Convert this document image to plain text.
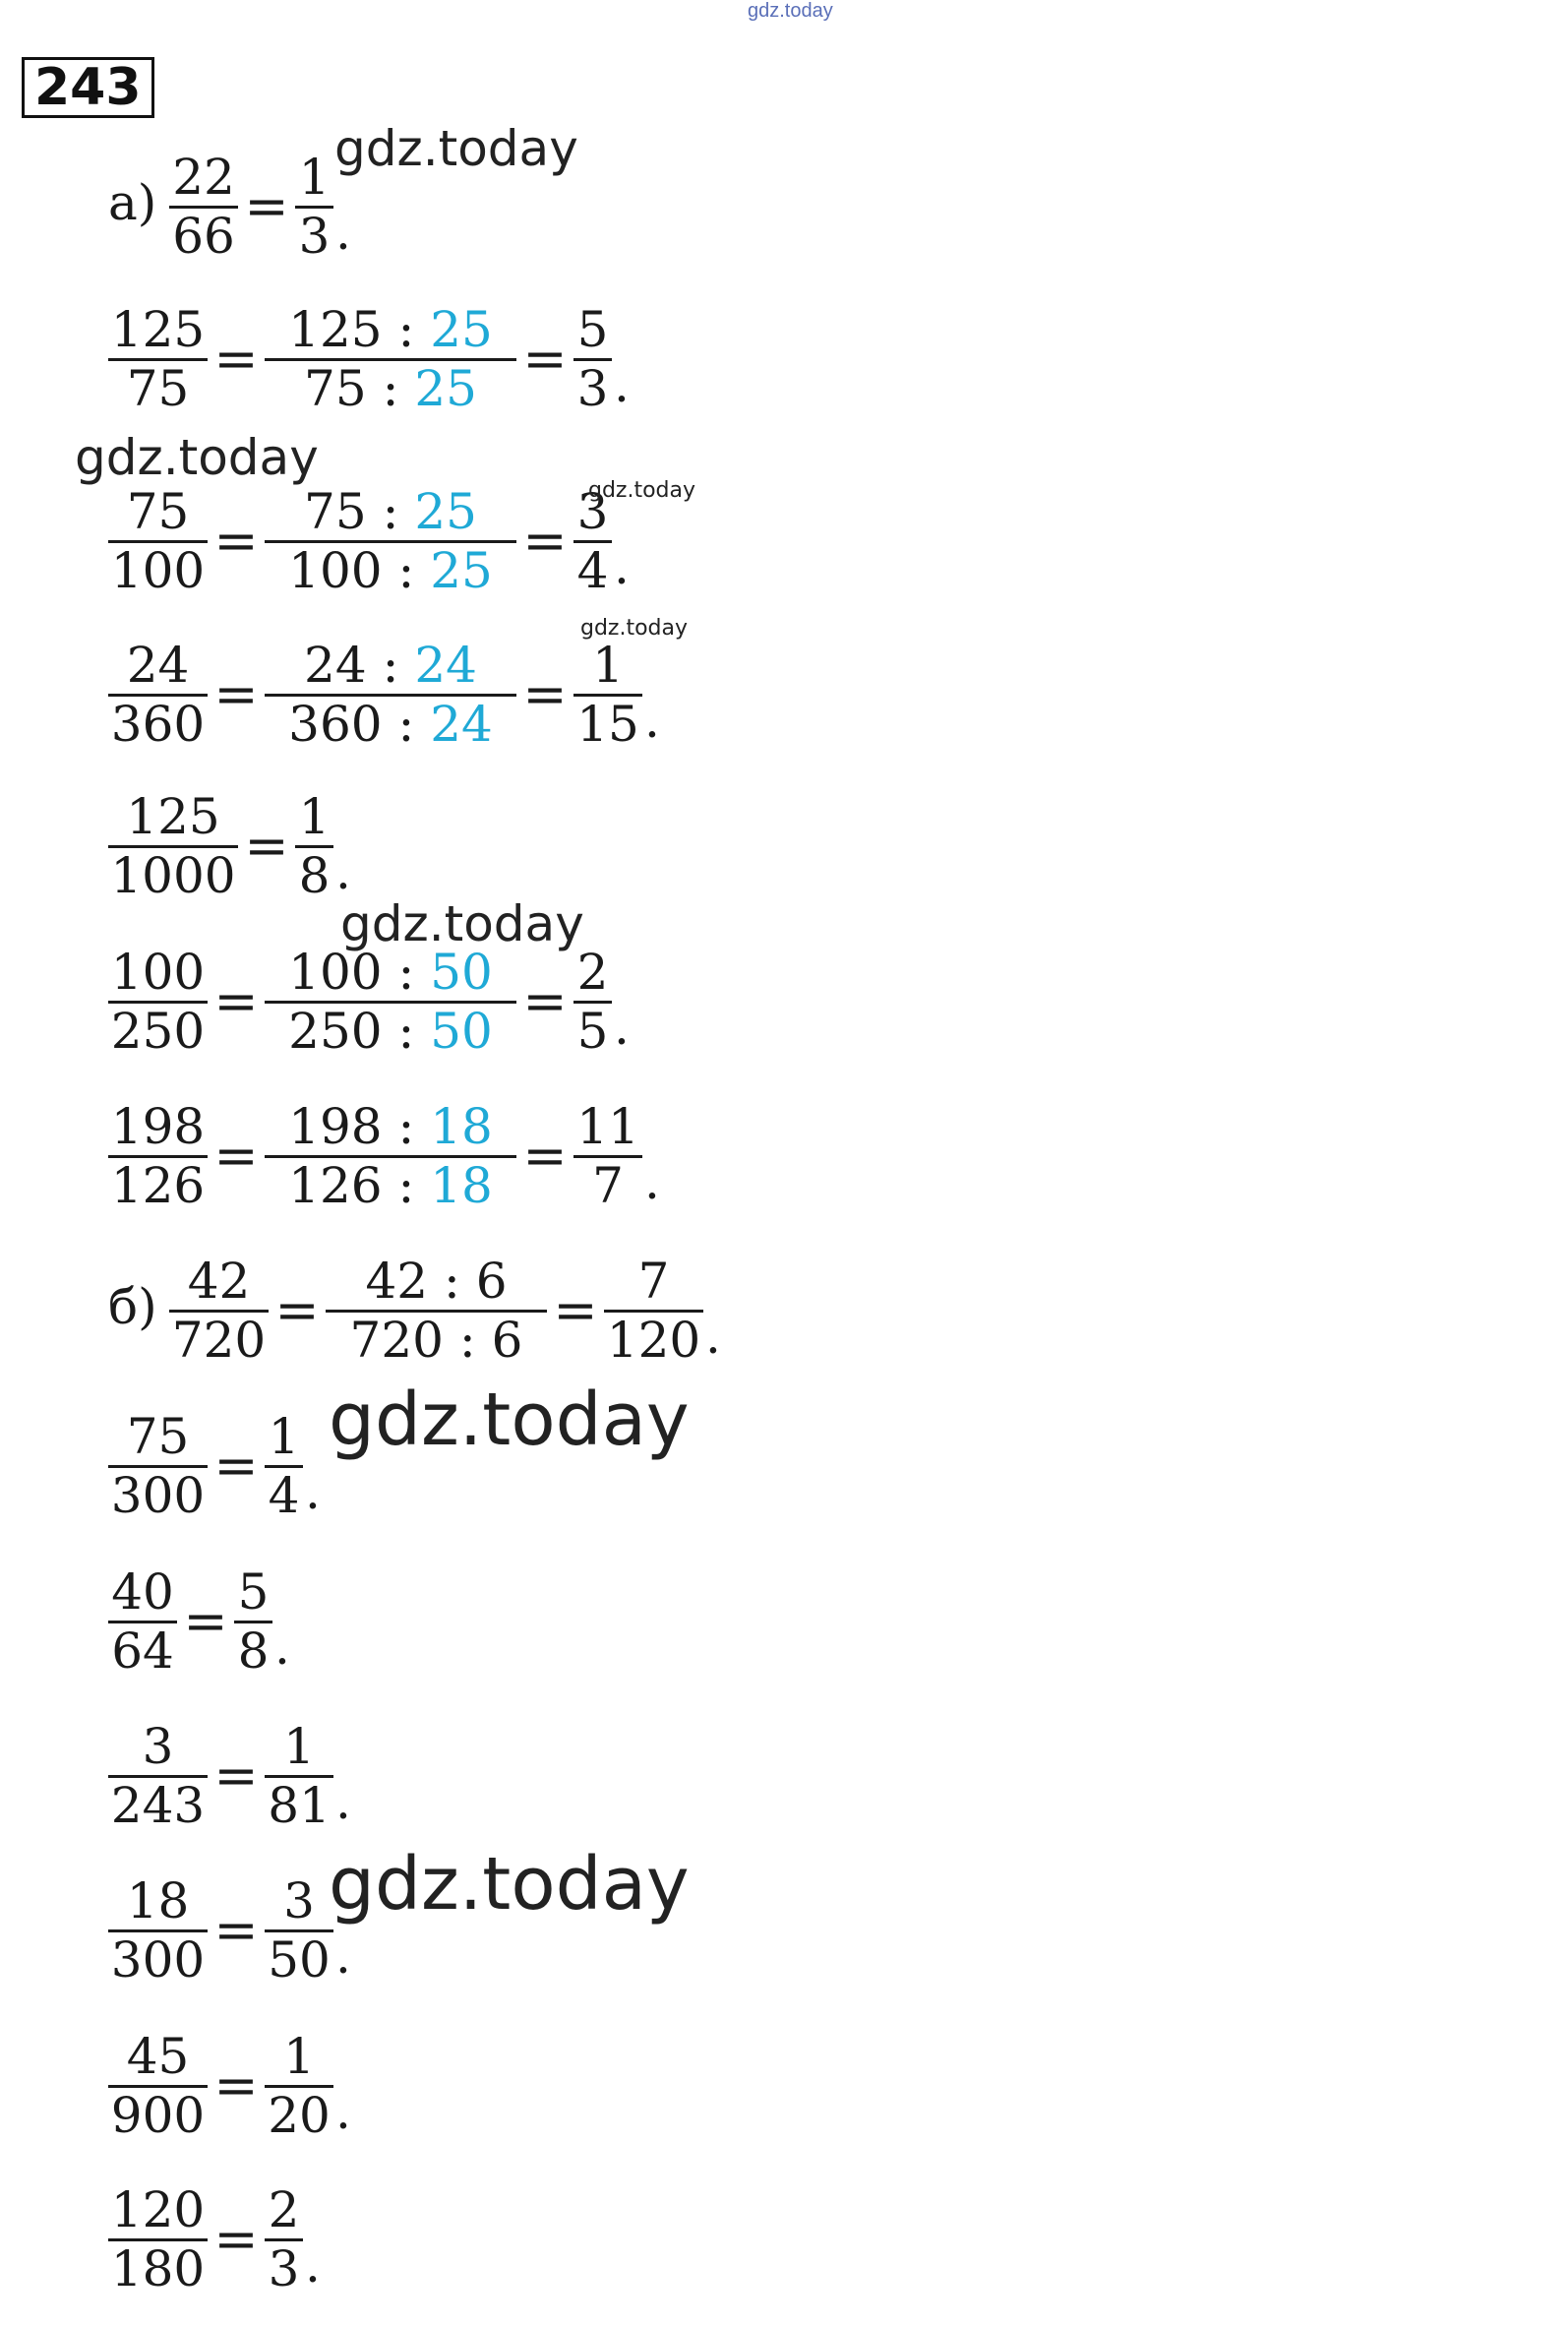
gdz.today
243
а) 22
66 = 1
3 .
125
75 = 125 : 25
75 : 25 = 5
3 .
75
100 = 75 : 25
100 : 25 = 3
4 .
24
360 = 24 : 24
360 : 24 = 1
15 .
125
1000 = 1
8 .
100
250 = 100 : 50
250 : 50 = 2
5 .
198
126 = 198 : 18
126 : 18 = 11
7 .
б) 42
720 = 42 : 6
720 : 6 = 7
120 .
75
300 = 1
4 .
40
64 = 5
8 .
3
243 = 1
81 .
18
300 = 3
50 .
45
900 = 1
20 .
120
180 = 2
3 .
gdz.today
gdz.today
gdz.today
gdz.today
gdz.today
gdz.today
gdz.today
